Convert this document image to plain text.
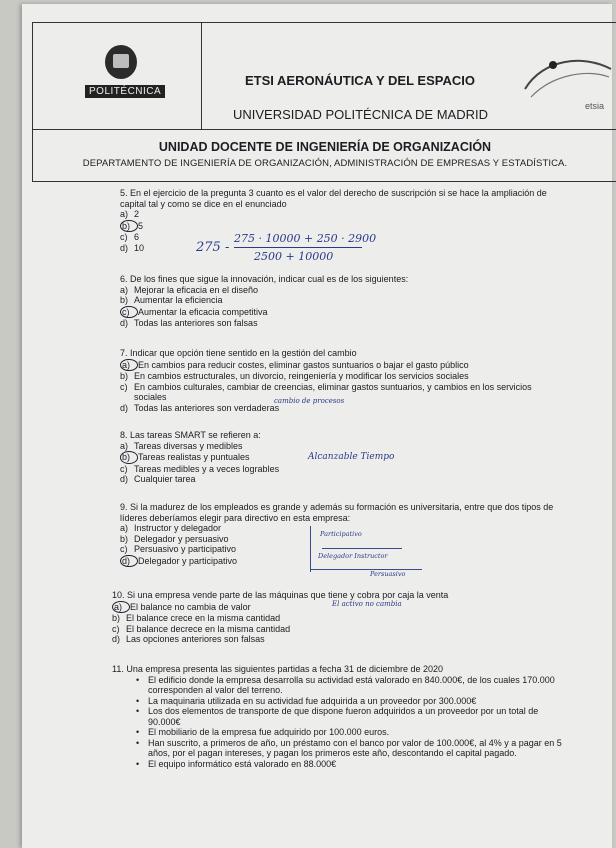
POLITÉCNICA
ETSI AERONÁUTICA Y DEL ESPACIO
UNIVERSIDAD POLITÉCNICA DE MADRID
etsia
UNIDAD DOCENTE DE INGENIERÍA DE ORGANIZACIÓN
DEPARTAMENTO DE INGENIERÍA DE ORGANIZACIÓN, ADMINISTRACIÓN DE EMPRESAS Y ESTADÍSTICA.
5. En el ejercicio de la pregunta 3 cuanto es el valor del derecho de suscripción si se hace la ampliación de capital tal y como se dice en el enunciado
a) 2
b) 5
c) 6
d) 10	275 -
275 · 10000 + 250 · 2900
2500 + 10000
6. De los fines que sigue la innovación, indicar cual es de los siguientes:
a) Mejorar la eficacia en el diseño
b) Aumentar la eficiencia
c) Aumentar la eficacia competitiva
d) Todas las anteriores son falsas
7. Indicar que opción tiene sentido en la gestión del cambio
a) En cambios para reducir costes, eliminar gastos suntuarios o bajar el gasto público
b) En cambios estructurales, un divorcio, reingeniería y modificar los servicios sociales
c) En cambios culturales, cambiar de creencias, eliminar gastos suntuarios, y cambios en los servicios sociales
d) Todas las anteriores son verdaderas
cambio de procesos
8. Las tareas SMART se refieren a:
a) Tareas diversas y medibles
b) Tareas realistas y puntuales
c) Tareas medibles y a veces logrables
d) Cualquier tarea
Alcanzable Tiempo
9. Si la madurez de los empleados es grande y además su formación es universitaria, entre que dos tipos de líderes deberíamos elegir para directivo en esta empresa:
a) Instructor y delegador
b) Delegador y persuasivo
c) Persuasivo y participativo
d) Delegador y participativo
Participativo
Delegador Instructor
Persuasivo
10. Si una empresa vende parte de las máquinas que tiene y cobra por caja la venta
a) El balance no cambia de valor
b) El balance crece en la misma cantidad
c) El balance decrece en la misma cantidad
d) Las opciones anteriores son falsas
El activo no cambia
11. Una empresa presenta las siguientes partidas a fecha 31 de diciembre de 2020
• El edificio donde la empresa desarrolla su actividad está valorado en 840.000€, de los cuales 170.000 corresponden al valor del terreno.
• La maquinaria utilizada en su actividad fue adquirida a un proveedor por 300.000€
• Los dos elementos de transporte de que dispone fueron adquiridos a un proveedor por un total de 90.000€
• El mobiliario de la empresa fue adquirido por 100.000 euros.
• Han suscrito, a primeros de año, un préstamo con el banco por valor de 100.000€, al 4% y a pagar en 5 años, por el pagan intereses, y pagan los primeros este año, descontando el capital pagado.
• El equipo informático está valorado en 88.000€
